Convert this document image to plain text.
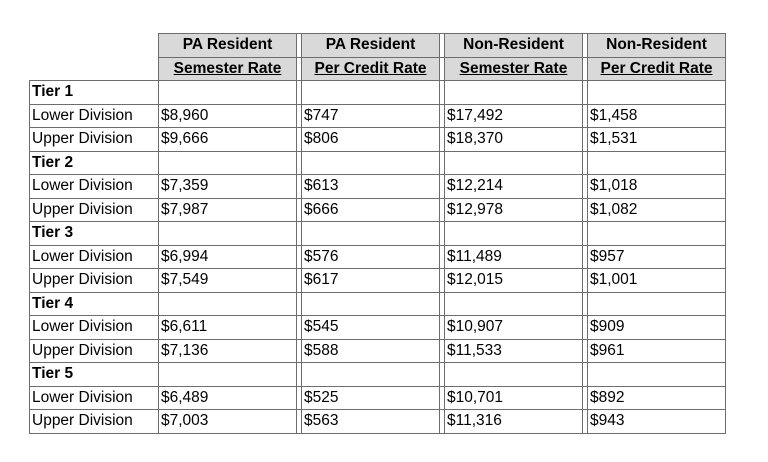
	PA Resident		PA Resident		Non-Resident		Non-Resident
	Semester Rate		Per Credit Rate		Semester Rate		Per Credit Rate
Tier 1							
Lower Division	$8,960		$747		$17,492		$1,458
Upper Division	$9,666		$806		$18,370		$1,531
Tier 2							
Lower Division	$7,359		$613		$12,214		$1,018
Upper Division	$7,987		$666		$12,978		$1,082
Tier 3							
Lower Division	$6,994		$576		$11,489		$957
Upper Division	$7,549		$617		$12,015		$1,001
Tier 4							
Lower Division	$6,611		$545		$10,907		$909
Upper Division	$7,136		$588		$11,533		$961
Tier 5							
Lower Division	$6,489		$525		$10,701		$892
Upper Division	$7,003		$563		$11,316		$943
